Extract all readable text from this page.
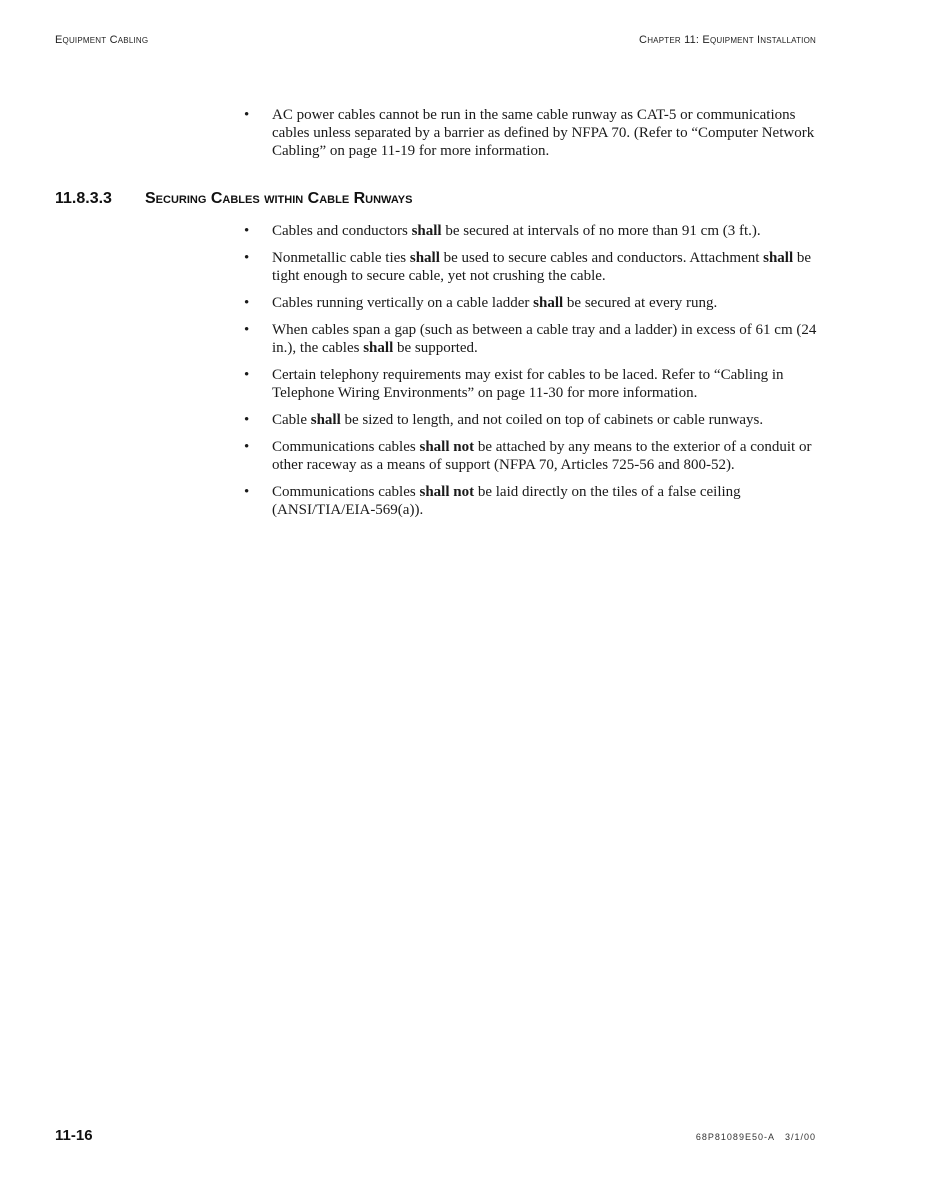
Equipment Cabling	Chapter 11: Equipment Installation
• AC power cables cannot be run in the same cable runway as CAT-5 or communications cables unless separated by a barrier as defined by NFPA 70. (Refer to “Computer Network Cabling” on page 11-19 for more information.
11.8.3.3 Securing Cables within Cable Runways
• Cables and conductors shall be secured at intervals of no more than 91 cm (3 ft.).
• Nonmetallic cable ties shall be used to secure cables and conductors. Attachment shall be tight enough to secure cable, yet not crushing the cable.
• Cables running vertically on a cable ladder shall be secured at every rung.
• When cables span a gap (such as between a cable tray and a ladder) in excess of 61 cm (24 in.), the cables shall be supported.
• Certain telephony requirements may exist for cables to be laced. Refer to “Cabling in Telephone Wiring Environments” on page 11-30 for more information.
• Cable shall be sized to length, and not coiled on top of cabinets or cable runways.
• Communications cables shall not be attached by any means to the exterior of a conduit or other raceway as a means of support (NFPA 70, Articles 725-56 and 800-52).
• Communications cables shall not be laid directly on the tiles of a false ceiling (ANSI/TIA/EIA-569(a)).
11-16	68P81089E50-A 3/1/00
